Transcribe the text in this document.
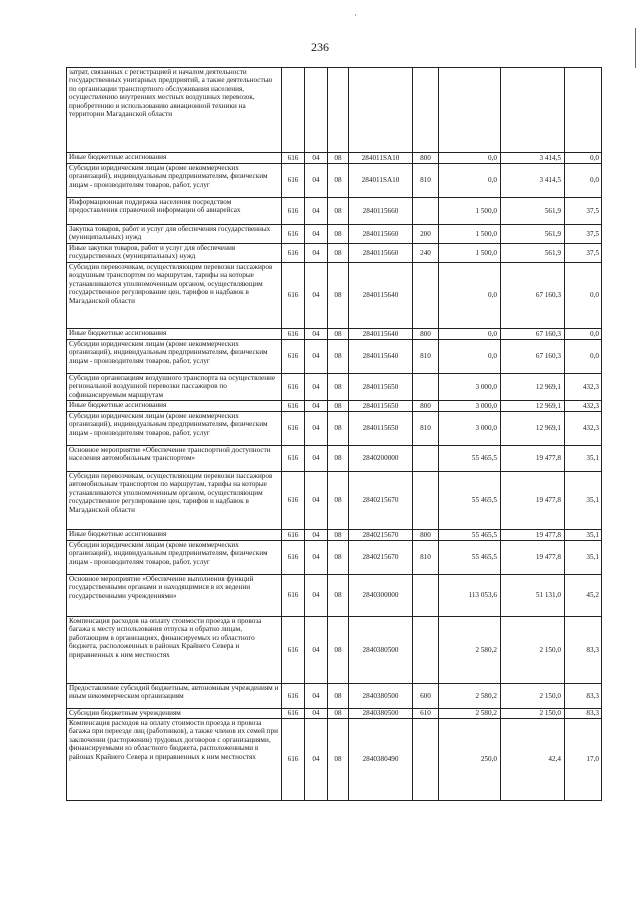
·
236
затрат, связанных с регистрацией и началом деятельности государственных унитарных предприятий, а также деятельностью по организации транспортного обслуживания населения, осуществлению внутренних местных воздушных перевозок, приобретению и использованию авиационной техники на территории Магаданской области								
Иные бюджетные ассигнования	616	04	08	284011SA10	800	0,0	3 414,5	0,0
Субсидии юридическим лицам (кроме некоммерческих организаций), индивидуальным предпринимателям, физическим лицам - производителям товаров, работ, услуг	616	04	08	284011SA10	810	0,0	3 414,5	0,0
Информационная поддержка населения посредством предоставления справочной информации об авиарейсах	616	04	08	2840115660		1 500,0	561,9	37,5
Закупка товаров, работ и услуг для обеспечения государственных (муниципальных) нужд	616	04	08	2840115660	200	1 500,0	561,9	37,5
Иные закупки товаров, работ и услуг для обеспечения государственных (муниципальных) нужд	616	04	08	2840115660	240	1 500,0	561,9	37,5
Субсидии перевозчикам, осуществляющим перевозки пассажиров воздушным транспортом по маршрутам, тарифы на которые устанавливаются уполномоченным органом, осуществляющим государственное регулирование цен, тарифов и надбавок в Магаданской области	616	04	08	2840115640		0,0	67 160,3	0,0
Иные бюджетные ассигнования	616	04	08	2840115640	800	0,0	67 160,3	0,0
Субсидии юридическим лицам (кроме некоммерческих организаций), индивидуальным предпринимателям, физическим лицам - производителям товаров, работ, услуг	616	04	08	2840115640	810	0,0	67 160,3	0,0
Субсидии организациям воздушного транспорта на осуществление региональной воздушной перевозки пассажиров по софинансируемым маршрутам	616	04	08	2840115650		3 000,0	12 969,1	432,3
Иные бюджетные ассигнования	616	04	08	2840115650	800	3 000,0	12 969,1	432,3
Субсидии юридическим лицам (кроме некоммерческих организаций), индивидуальным предпринимателям, физическим лицам - производителям товаров, работ, услуг	616	04	08	2840115650	810	3 000,0	12 969,1	432,3
Основное мероприятие «Обеспечение транспортной доступности населения автомобильным транспортом»	616	04	08	2840200000		55 465,5	19 477,8	35,1
Субсидии перевозчикам, осуществляющим перевозки пассажиров автомобильным транспортом по маршрутам, тарифы на которые устанавливаются уполномоченным органом, осуществляющим государственное регулирование цен, тарифов и надбавок в Магаданской области	616	04	08	2840215670		55 465,5	19 477,8	35,1
Иные бюджетные ассигнования	616	04	08	2840215670	800	55 465,5	19 477,8	35,1
Субсидии юридическим лицам (кроме некоммерческих организаций), индивидуальным предпринимателям, физическим лицам - производителям товаров, работ, услуг	616	04	08	2840215670	810	55 465,5	19 477,8	35,1
Основное мероприятие «Обеспечение выполнения функций государственными органами и находящимися в их ведении государственными учреждениями»	616	04	08	2840300000		113 053,6	51 131,0	45,2
Компенсация расходов на оплату стоимости проезда и провоза багажа к месту использования отпуска и обратно лицам, работающим в организациях, финансируемых из областного бюджета, расположенных в районах Крайнего Севера и приравненных к ним местностях	616	04	08	2840380500		2 580,2	2 150,0	83,3
Предоставление субсидий бюджетным, автономным учреждениям и иным некоммерческим организациям	616	04	08	2840380500	600	2 580,2	2 150,0	83,3
Субсидии бюджетным учреждениям	616	04	08	2840380500	610	2 580,2	2 150,0	83,3
Компенсация расходов на оплату стоимости проезда и провоза багажа при переезде лиц (работников), а также членов их семей при заключении (расторжении) трудовых договоров с организациями, финансируемыми из областного бюджета, расположенными в районах Крайнего Севера и приравненных к ним местностях	616	04	08	2840380490		250,0	42,4	17,0
